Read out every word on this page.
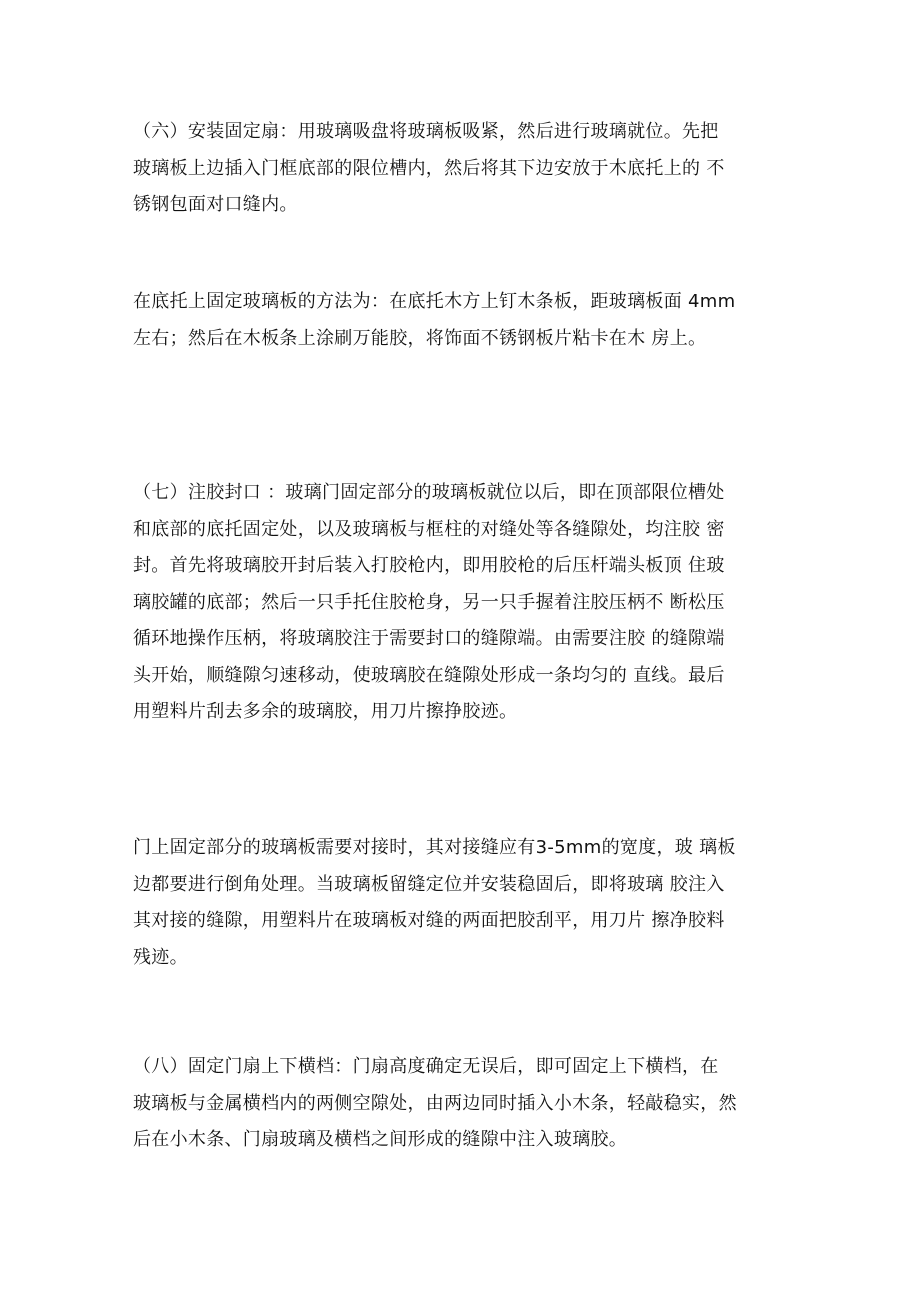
（六）安装固定扇：用玻璃吸盘将玻璃板吸紧，然后进行玻璃就位。先把
玻璃板上边插入门框底部的限位槽内，然后将其下边安放于木底托上的 不
锈钢包面对口缝内。
在底托上固定玻璃板的方法为：在底托木方上钉木条板，距玻璃板面 4mm
左右；然后在木板条上涂刷万能胶，将饰面不锈钢板片粘卡在木 房上。
（七）注胶封口 ：玻璃门固定部分的玻璃板就位以后，即在顶部限位槽处
和底部的底托固定处，以及玻璃板与框柱的对缝处等各缝隙处，均注胶 密
封。首先将玻璃胶开封后装入打胶枪内，即用胶枪的后压杆端头板顶 住玻
璃胶罐的底部；然后一只手托住胶枪身，另一只手握着注胶压柄不 断松压
循环地操作压柄，将玻璃胶注于需要封口的缝隙端。由需要注胶 的缝隙端
头开始，顺缝隙匀速移动，使玻璃胶在缝隙处形成一条均匀的 直线。最后
用塑料片刮去多余的玻璃胶，用刀片擦挣胶迹。
门上固定部分的玻璃板需要对接时，其对接缝应有3-5mm的宽度，玻 璃板
边都要进行倒角处理。当玻璃板留缝定位并安装稳固后，即将玻璃 胶注入
其对接的缝隙，用塑料片在玻璃板对缝的两面把胶刮平，用刀片 擦净胶料
残迹。
（八）固定门扇上下横档：门扇高度确定无误后，即可固定上下横档，在
玻璃板与金属横档内的两侧空隙处，由两边同时插入小木条，轻敲稳实，然
后在小木条、门扇玻璃及横档之间形成的缝隙中注入玻璃胶。
